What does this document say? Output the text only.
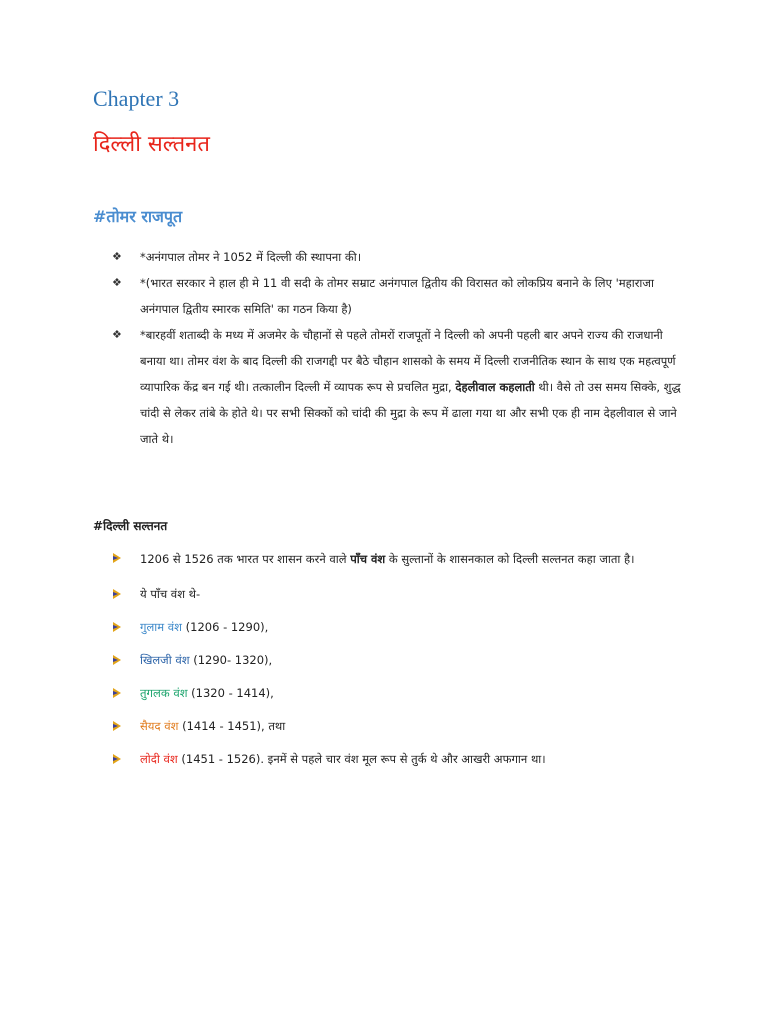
Chapter 3
दिल्ली सल्तनत
#तोमर राजपूत
❖ *अनंगपाल तोमर ने 1052 में दिल्ली की स्थापना की।
❖ *(भारत सरकार ने हाल ही मे 11 वी सदी के तोमर सम्राट अनंगपाल द्वितीय की विरासत को लोकप्रिय बनाने के लिए 'महाराजा अनंगपाल द्वितीय स्मारक समिति' का गठन किया है)
❖ *बारहवीं शताब्दी के मध्य में अजमेर के चौहानों से पहले तोमरों राजपूतों ने दिल्ली को अपनी पहली बार अपने राज्य की राजधानी बनाया था। तोमर वंश के बाद दिल्ली की राजगद्दी पर बैठे चौहान शासको के समय में दिल्ली राजनीतिक स्थान के साथ एक महत्वपूर्ण व्यापारिक केंद्र बन गई थी। तत्कालीन दिल्ली में व्यापक रूप से प्रचलित मुद्रा, देहलीवाल कहलाती थी। वैसे तो उस समय सिक्के, शुद्ध चांदी से लेकर तांबे के होते थे। पर सभी सिक्कों को चांदी की मुद्रा के रूप में ढाला गया था और सभी एक ही नाम देहलीवाल से जाने जाते थे।
#दिल्ली सल्तनत
1206 से 1526 तक भारत पर शासन करने वाले पाँच वंश के सुल्तानों के शासनकाल को दिल्ली सल्तनत कहा जाता है।
ये पाँच वंश थे-
गुलाम वंश (1206 - 1290),
खिलजी वंश (1290- 1320),
तुगलक वंश (1320 - 1414),
सैयद वंश (1414 - 1451), तथा
लोदी वंश (1451 - 1526). इनमें से पहले चार वंश मूल रूप से तुर्क थे और आखरी अफगान था।
